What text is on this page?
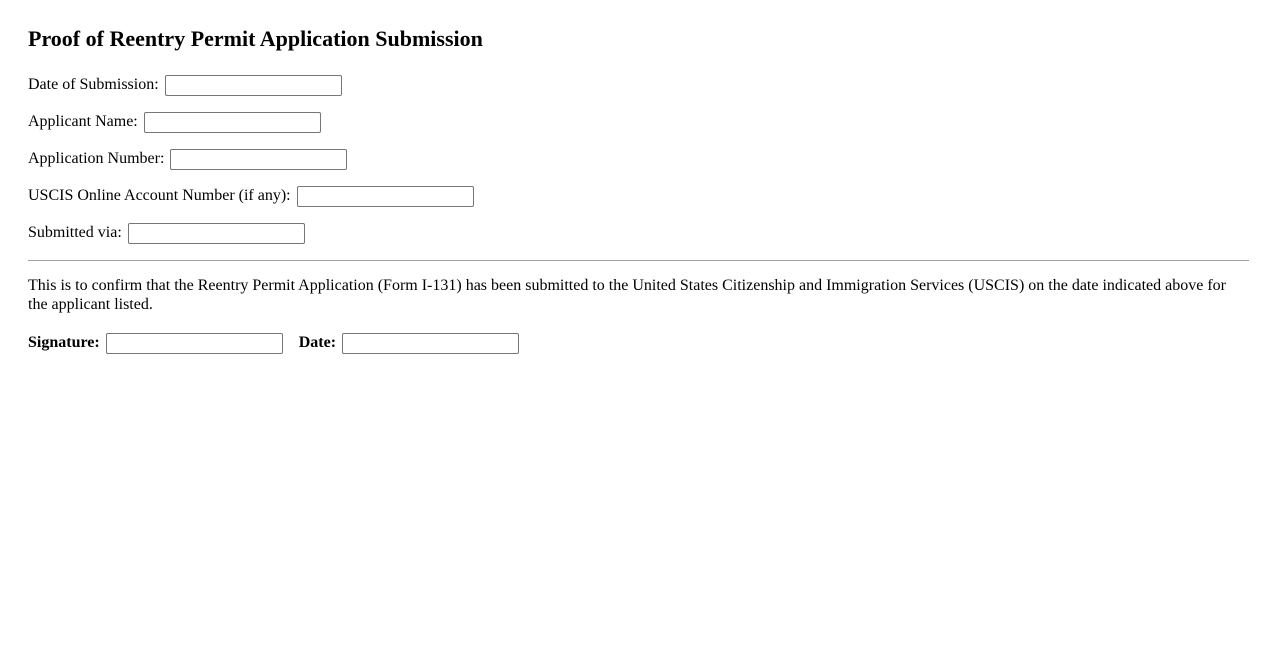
Proof of Reentry Permit Application Submission

Date of Submission:

Applicant Name:

Application Number:

USCIS Online Account Number (if any):

Submitted via:

This is to confirm that the Reentry Permit Application (Form I-131) has been submitted to the United States Citizenship and Immigration Services (USCIS) on the date indicated above for the applicant listed.

Signature:	Date:
